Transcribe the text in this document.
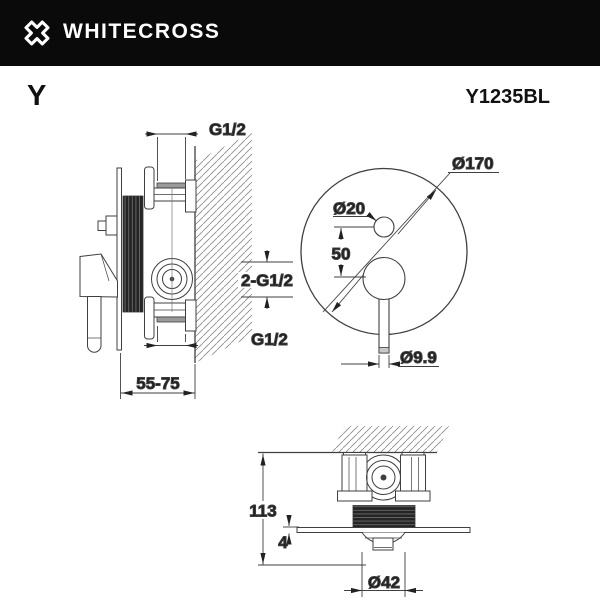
WHITECROSS
Y	Y1235BL
G1/2
2-G1/2
G1/2
55-75
Ø20
Ø170
50
Ø9.9
113
4
Ø42
